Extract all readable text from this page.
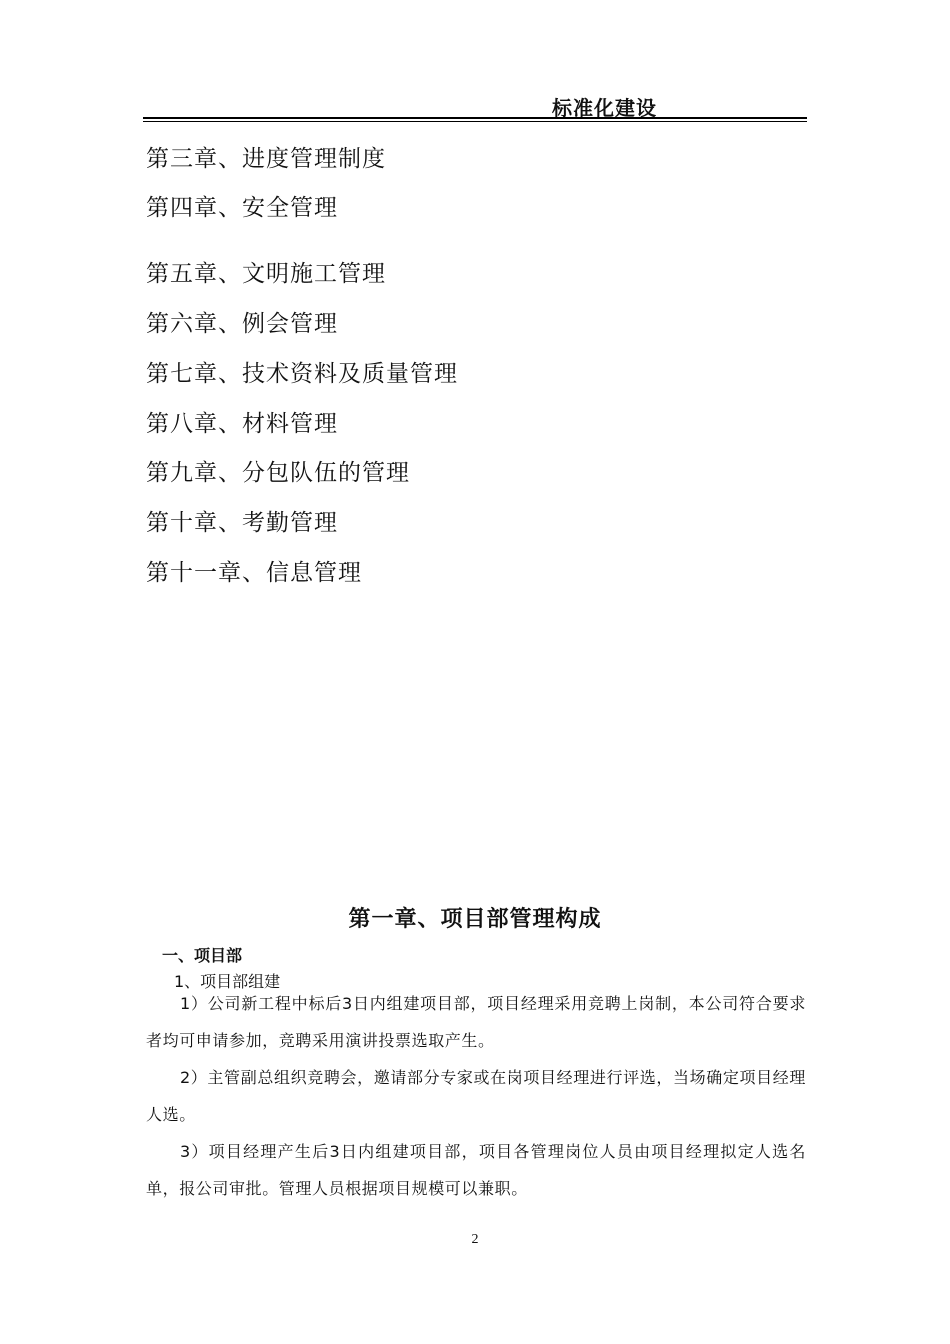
标准化建设
第三章、进度管理制度
第四章、安全管理
第五章、文明施工管理
第六章、例会管理
第七章、技术资料及质量管理
第八章、材料管理
第九章、分包队伍的管理
第十章、考勤管理
第十一章、信息管理
第一章、项目部管理构成
一、项目部
1、项目部组建

1）公司新工程中标后3日内组建项目部，项目经理采用竞聘上岗制，本公司符合要求者均可申请参加，竞聘采用演讲投票选取产生。

2）主管副总组织竞聘会，邀请部分专家或在岗项目经理进行评选，当场确定项目经理人选。

3）项目经理产生后3日内组建项目部，项目各管理岗位人员由项目经理拟定人选名单，报公司审批。管理人员根据项目规模可以兼职。

2
